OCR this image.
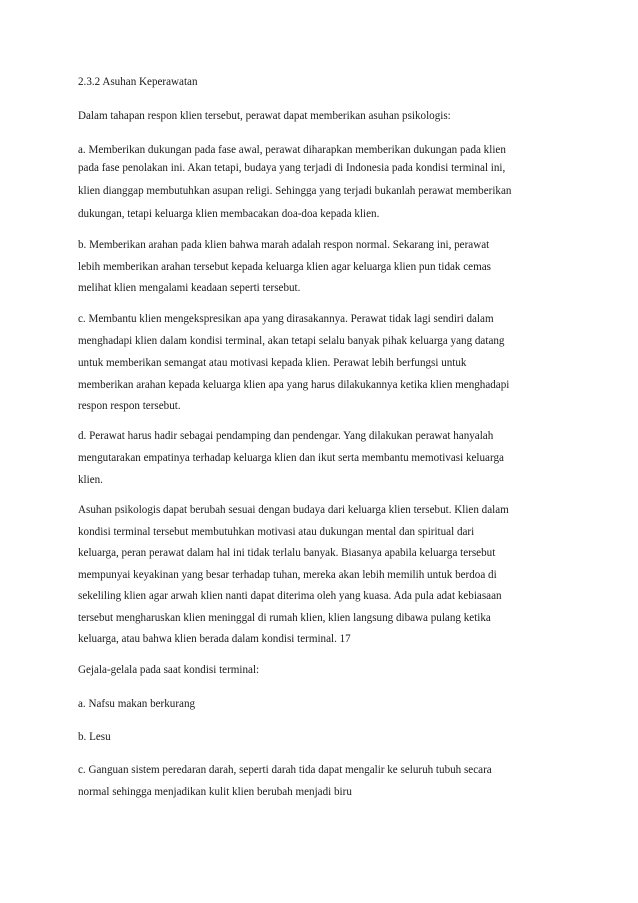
2.3.2 Asuhan Keperawatan
Dalam tahapan respon klien tersebut, perawat dapat memberikan asuhan psikologis:
a. Memberikan dukungan pada fase awal, perawat diharapkan memberikan dukungan pada klien
pada fase penolakan ini. Akan tetapi, budaya yang terjadi di Indonesia pada kondisi terminal ini,
klien dianggap membutuhkan asupan religi. Sehingga yang terjadi bukanlah perawat memberikan
dukungan, tetapi keluarga klien membacakan doa-doa kepada klien.
b. Memberikan arahan pada klien bahwa marah adalah respon normal. Sekarang ini, perawat
lebih memberikan arahan tersebut kepada keluarga klien agar keluarga klien pun tidak cemas
melihat klien mengalami keadaan seperti tersebut.
c. Membantu klien mengekspresikan apa yang dirasakannya. Perawat tidak lagi sendiri dalam
menghadapi klien dalam kondisi terminal, akan tetapi selalu banyak pihak keluarga yang datang
untuk memberikan semangat atau motivasi kepada klien. Perawat lebih berfungsi untuk
memberikan arahan kepada keluarga klien apa yang harus dilakukannya ketika klien menghadapi
respon respon tersebut.
d. Perawat harus hadir sebagai pendamping dan pendengar. Yang dilakukan perawat hanyalah
mengutarakan empatinya terhadap keluarga klien dan ikut serta membantu memotivasi keluarga
klien.
Asuhan psikologis dapat berubah sesuai dengan budaya dari keluarga klien tersebut. Klien dalam
kondisi terminal tersebut membutuhkan motivasi atau dukungan mental dan spiritual dari
keluarga, peran perawat dalam hal ini tidak terlalu banyak. Biasanya apabila keluarga tersebut
mempunyai keyakinan yang besar terhadap tuhan, mereka akan lebih memilih untuk berdoa di
sekeliling klien agar arwah klien nanti dapat diterima oleh yang kuasa. Ada pula adat kebiasaan
tersebut mengharuskan klien meninggal di rumah klien, klien langsung dibawa pulang ketika
keluarga, atau bahwa klien berada dalam kondisi terminal. 17
Gejala-gelala pada saat kondisi terminal:
a. Nafsu makan berkurang
b. Lesu
c. Ganguan sistem peredaran darah, seperti darah tida dapat mengalir ke seluruh tubuh secara
normal sehingga menjadikan kulit klien berubah menjadi biru
